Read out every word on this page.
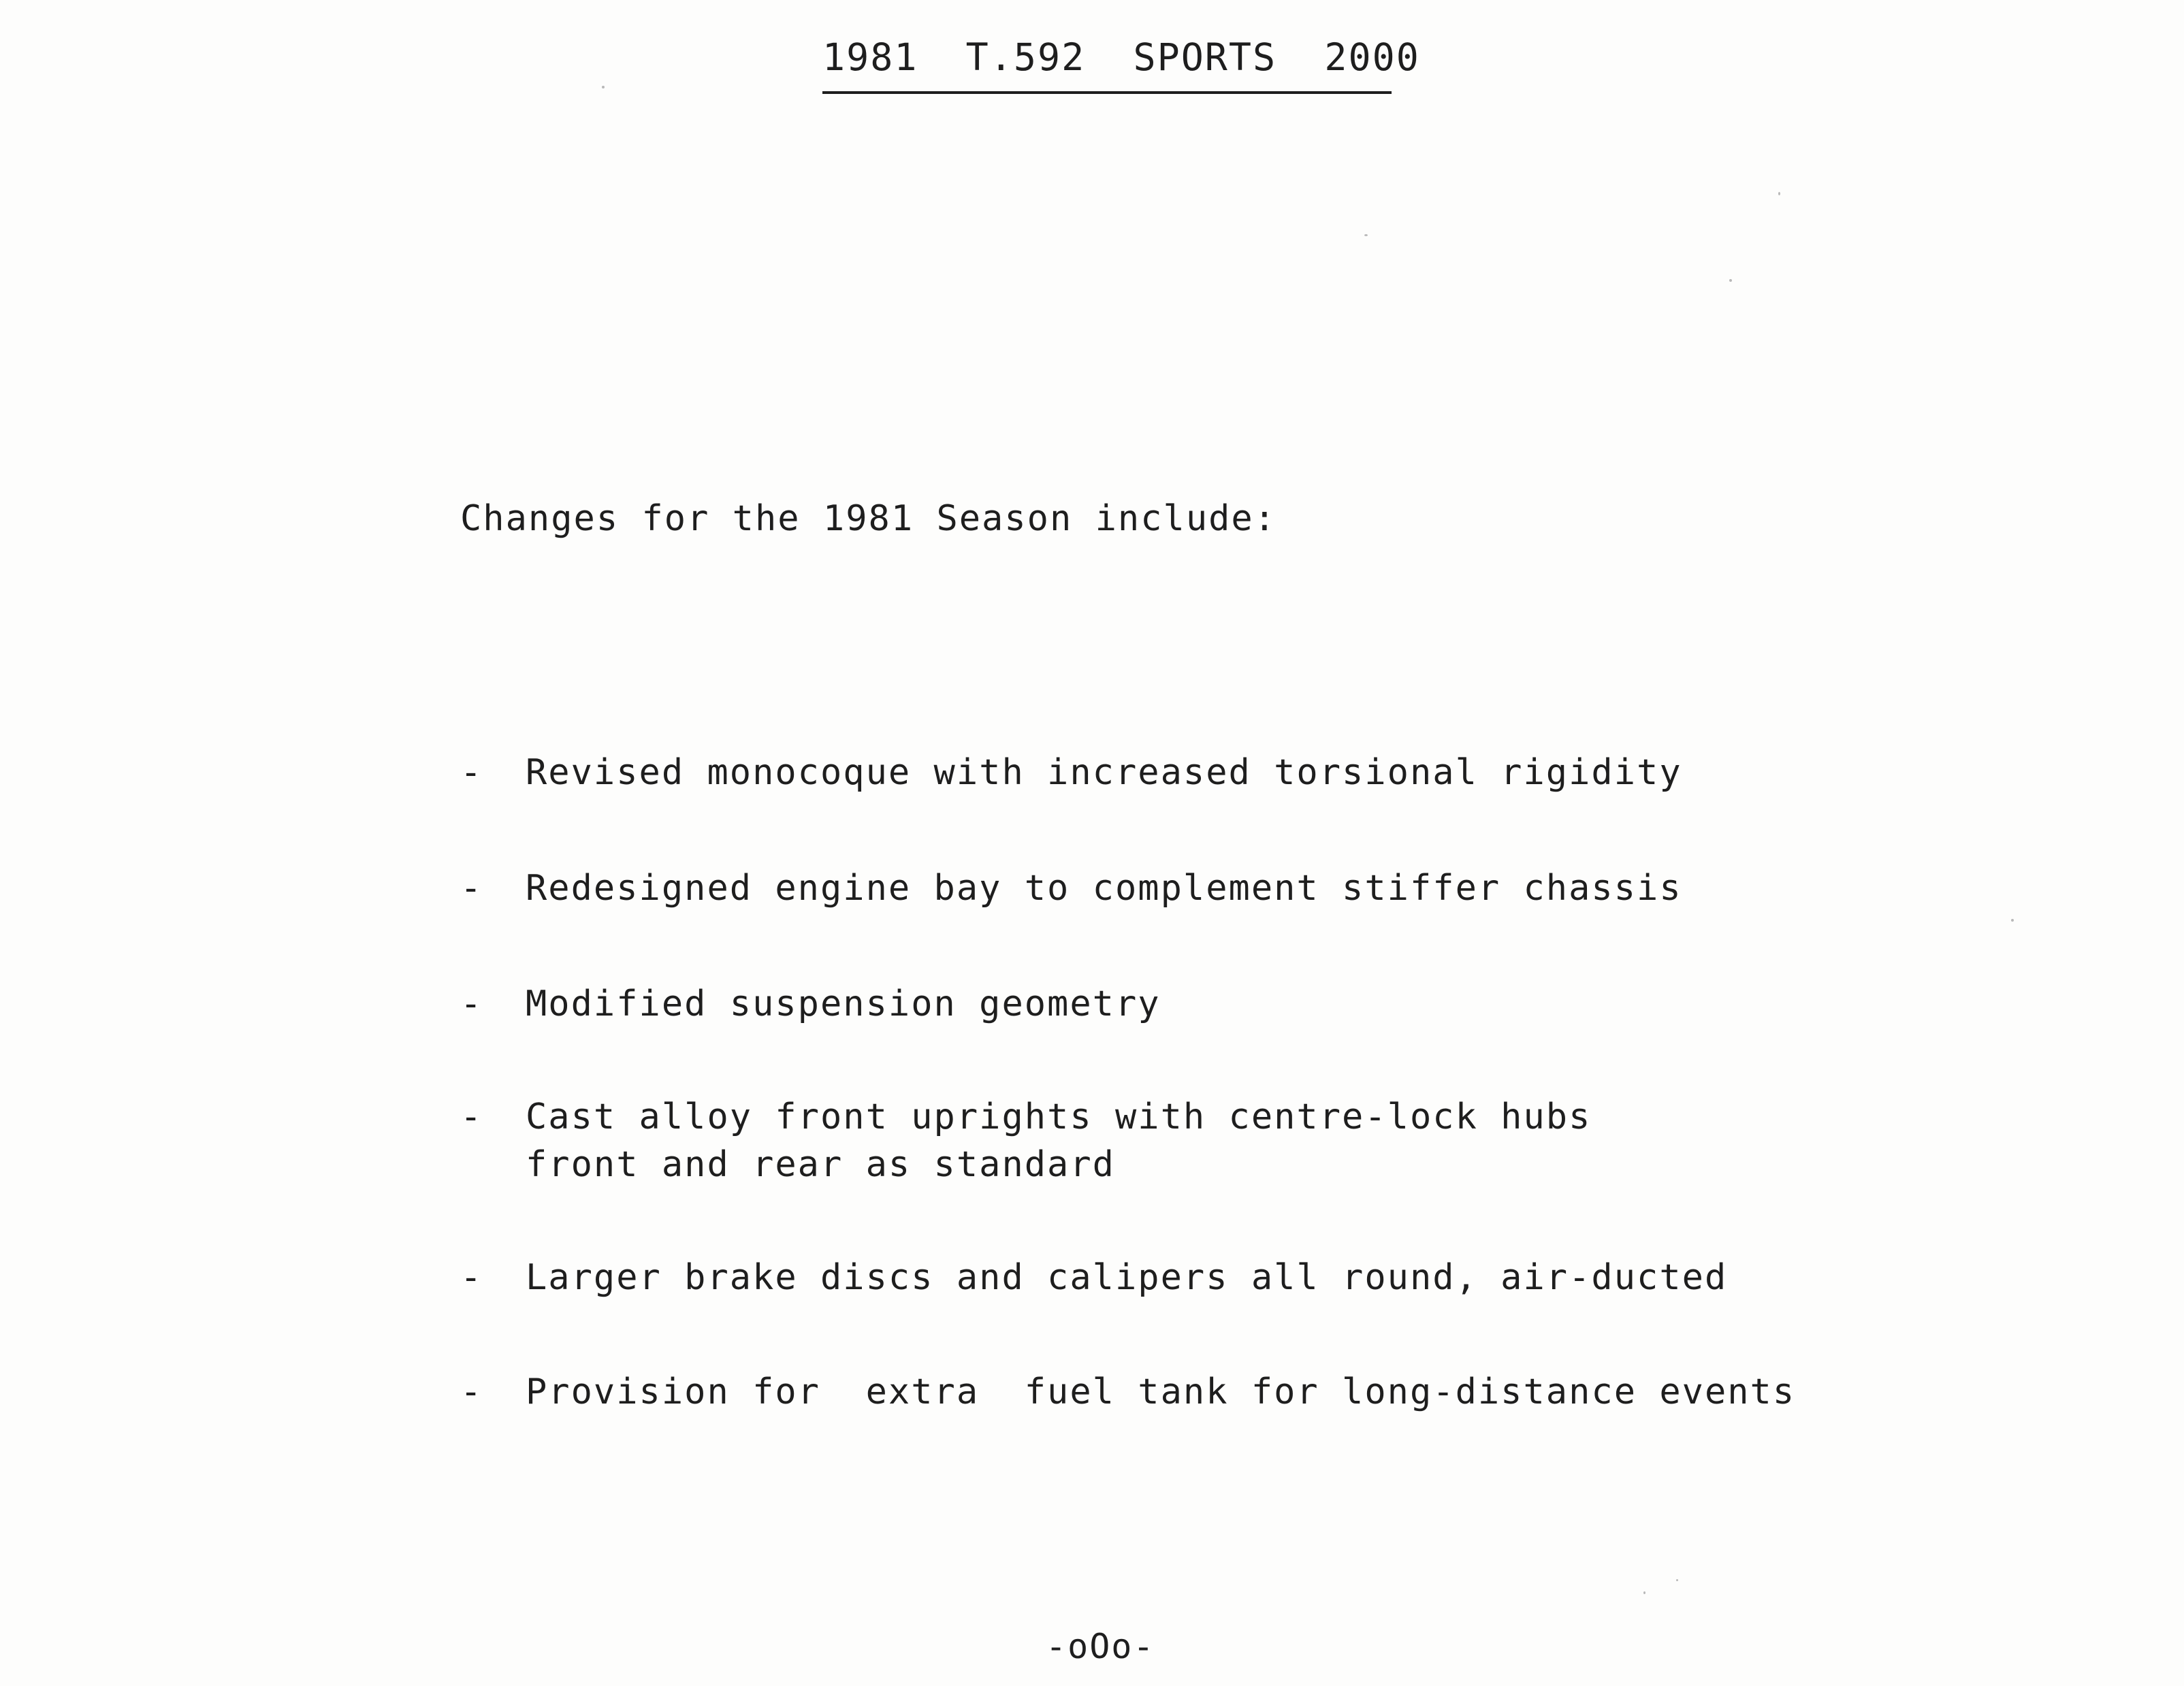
1981  T.592  SPORTS  2000
Changes for the 1981 Season include:

-

Revised monocoque with increased torsional rigidity

-

Redesigned engine bay to complement stiffer chassis

-

Modified suspension geometry

-

Cast alloy front uprights with centre-lock hubs

front and rear as standard

-

Larger brake discs and calipers all round, air-ducted

-

Provision for  extra  fuel tank for long-distance events

-oOo-
